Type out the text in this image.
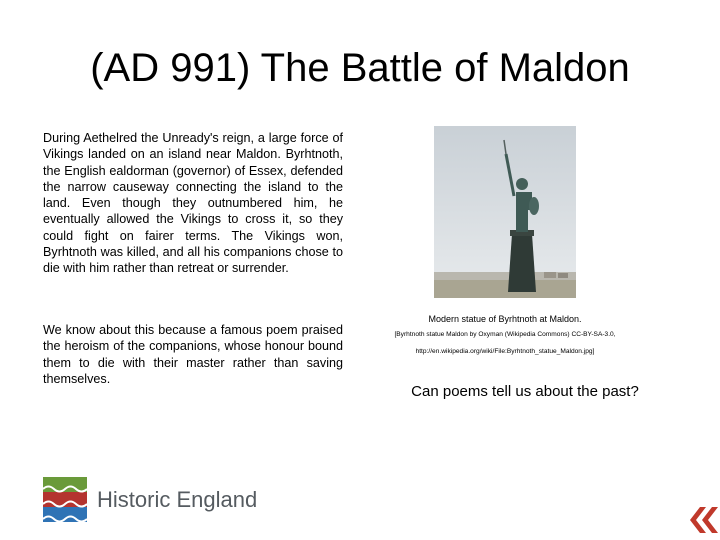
(AD 991) The Battle of Maldon

During Aethelred the Unready's reign, a large force of Vikings landed on an island near Maldon. Byrhtnoth, the English ealdorman (governor) of Essex, defended the narrow causeway connecting the island to the land. Even though they outnumbered him, he eventually allowed the Vikings to cross it, so they could fight on fairer terms. The Vikings won, Byrhtnoth was killed, and all his companions chose to die with him rather than retreat or surrender.

We know about this because a famous poem praised the heroism of the companions, whose honour bound them to die with their master rather than saving themselves.

Modern statue of Byrhtnoth at Maldon.
[Byrhtnoth statue Maldon by Oxyman (Wikipedia Commons) CC-BY-SA-3.0,
http://en.wikipedia.org/wiki/File:Byrhtnoth_statue_Maldon.jpg]
Can poems tell us about the past?
Historic England
